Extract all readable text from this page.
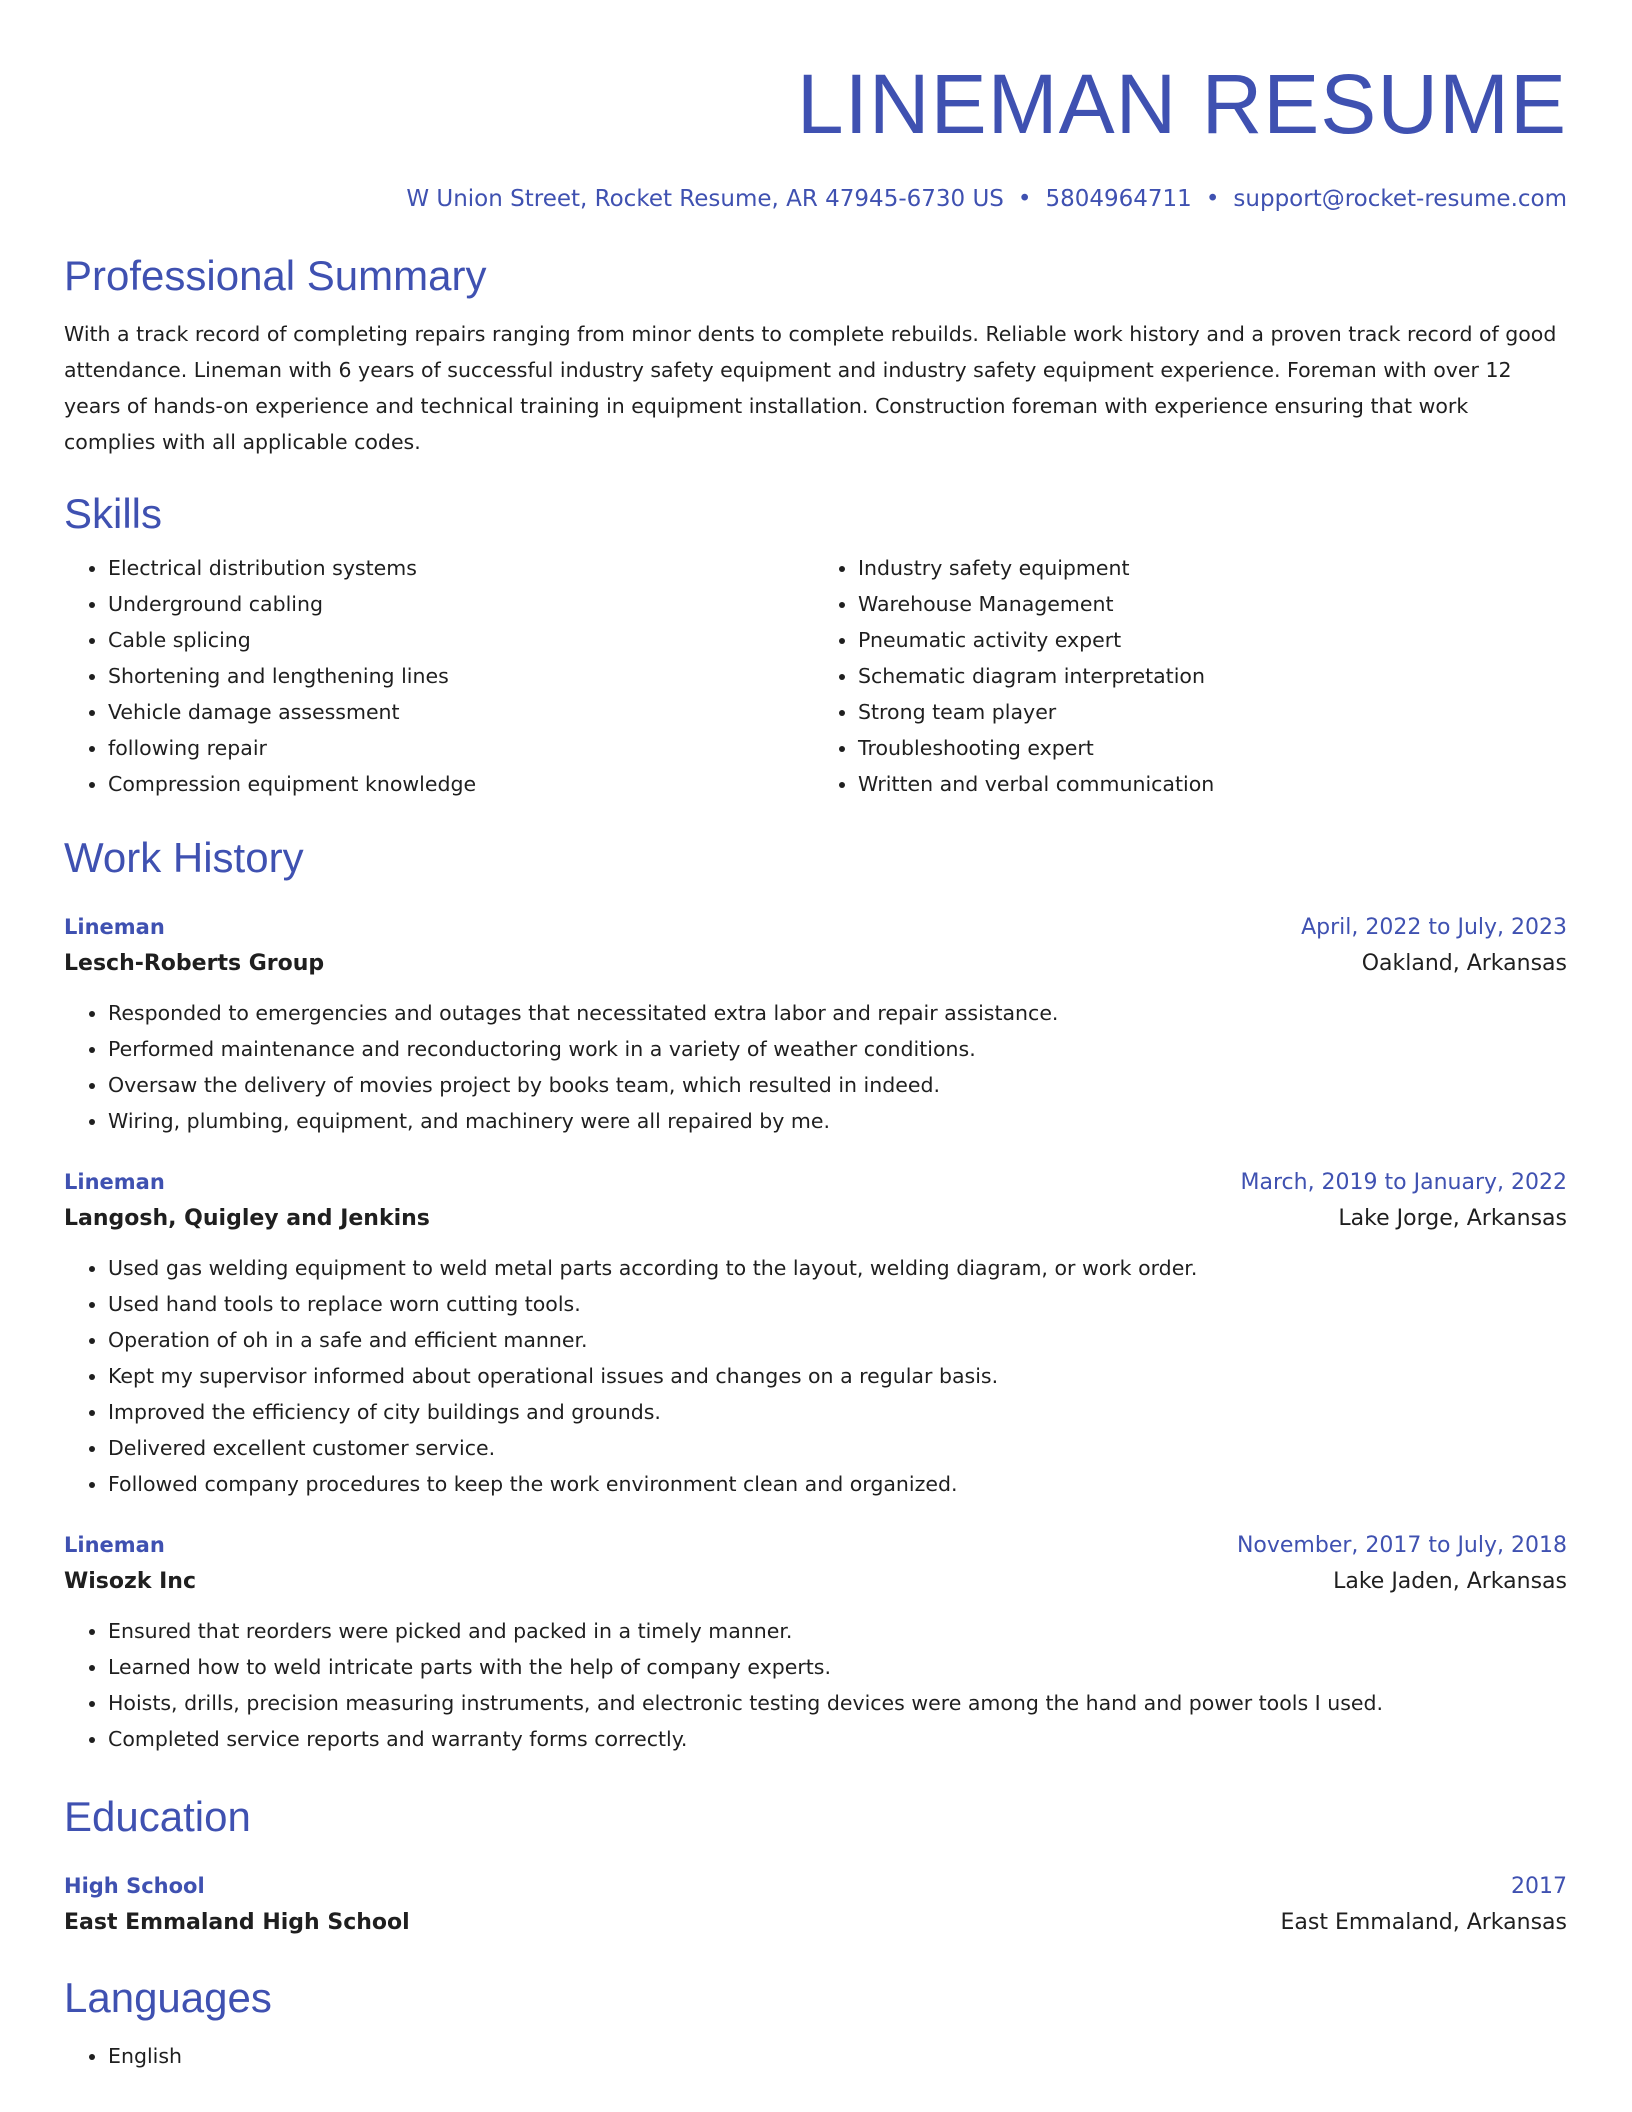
LINEMAN RESUME
W Union Street, Rocket Resume, AR 47945-6730 US • 5804964711 • support@rocket-resume.com
Professional Summary

With a track record of completing repairs ranging from minor dents to complete rebuilds. Reliable work history and a proven track record of good attendance. Lineman with 6 years of successful industry safety equipment and industry safety equipment experience. Foreman with over 12 years of hands-on experience and technical training in equipment installation. Construction foreman with experience ensuring that work complies with all applicable codes.

Skills
• Electrical distribution systems
• Underground cabling
• Cable splicing
• Shortening and lengthening lines
• Vehicle damage assessment
• following repair
• Compression equipment knowledge
• Industry safety equipment
• Warehouse Management
• Pneumatic activity expert
• Schematic diagram interpretation
• Strong team player
• Troubleshooting expert
• Written and verbal communication
Work History
Lineman	April, 2022 to July, 2023
Lesch-Roberts Group	Oakland, Arkansas
• Responded to emergencies and outages that necessitated extra labor and repair assistance.
• Performed maintenance and reconductoring work in a variety of weather conditions.
• Oversaw the delivery of movies project by books team, which resulted in indeed.
• Wiring, plumbing, equipment, and machinery were all repaired by me.
Lineman	March, 2019 to January, 2022
Langosh, Quigley and Jenkins	Lake Jorge, Arkansas
• Used gas welding equipment to weld metal parts according to the layout, welding diagram, or work order.
• Used hand tools to replace worn cutting tools.
• Operation of oh in a safe and efficient manner.
• Kept my supervisor informed about operational issues and changes on a regular basis.
• Improved the efficiency of city buildings and grounds.
• Delivered excellent customer service.
• Followed company procedures to keep the work environment clean and organized.
Lineman	November, 2017 to July, 2018
Wisozk Inc	Lake Jaden, Arkansas
• Ensured that reorders were picked and packed in a timely manner.
• Learned how to weld intricate parts with the help of company experts.
• Hoists, drills, precision measuring instruments, and electronic testing devices were among the hand and power tools I used.
• Completed service reports and warranty forms correctly.
Education
High School	2017
East Emmaland High School	East Emmaland, Arkansas
Languages
• English
